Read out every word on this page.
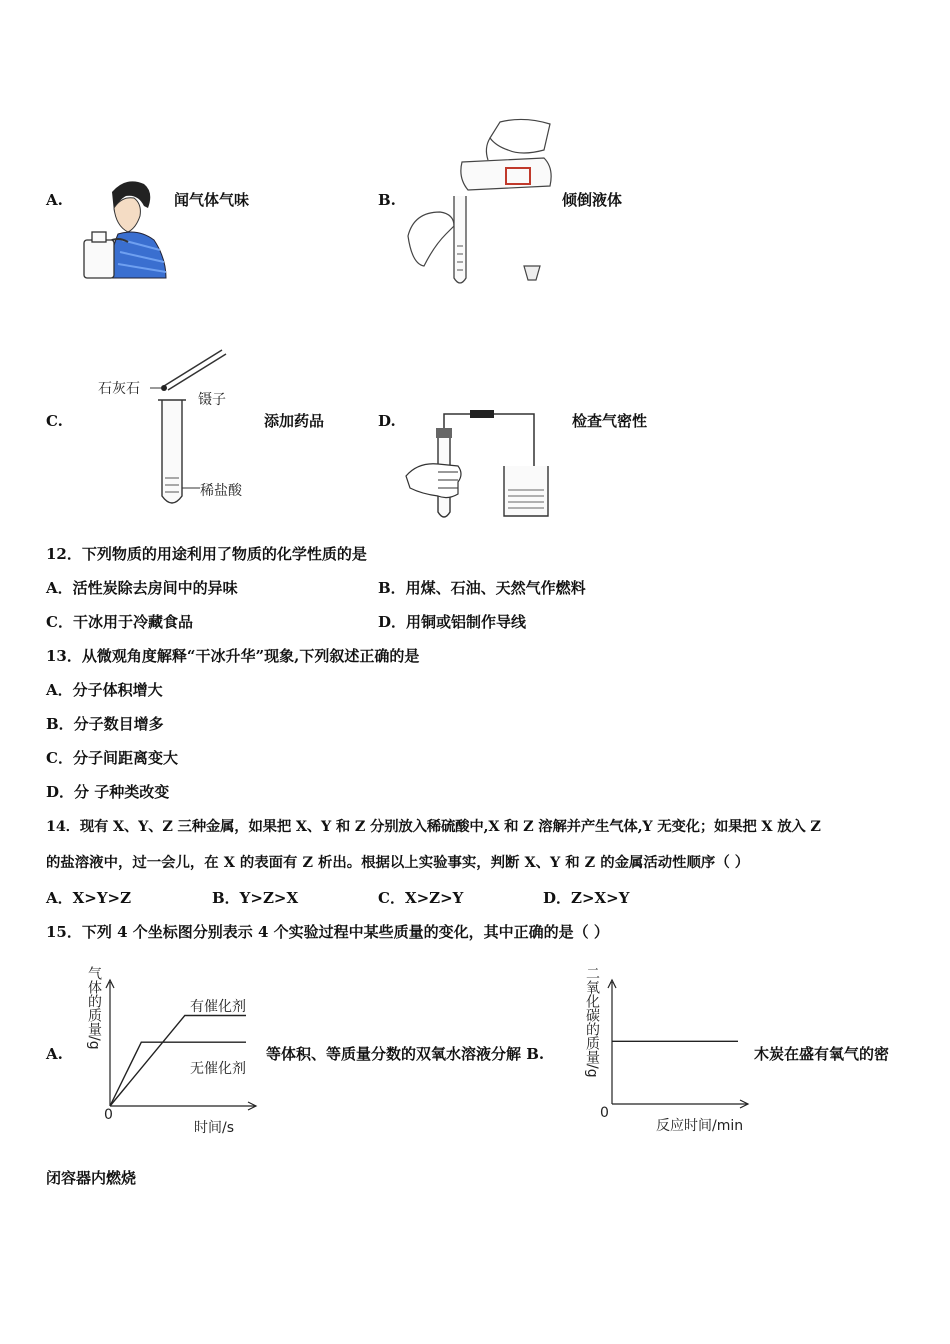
A.	闻气体气味	B.	倾倒液体
C.
石灰石
镊子
稀盐酸
添加药品	D.	检查气密性
12．下列物质的用途利用了物质的化学性质的是
A．活性炭除去房间中的异味	B．用煤、石油、天然气作燃料
C．干冰用于冷藏食品	D．用铜或铝制作导线
13．从微观角度解释“干冰升华”现象,下列叙述正确的是
A．分子体积增大
B．分子数目增多
C．分子间距离变大
D．分 子种类改变
14．现有 X、Y、Z 三种金属，如果把 X、Y 和 Z 分别放入稀硫酸中,X 和 Z 溶解并产生气体,Y 无变化；如果把 X 放入 Z
的盐溶液中，过一会儿，在 X 的表面有 Z 析出。根据以上实验事实，判断 X、Y 和 Z 的金属活动性顺序（ ）
A．X>Y>Z	B．Y>Z>X	C．X>Z>Y	D．Z>X>Y
15．下列 4 个坐标图分别表示 4 个实验过程中某些质量的变化，其中正确的是（ ）
A.
气体的质量/g
0
时间/s
有催化剂
无催化剂
等体积、等质量分数的双氧水溶液分解 B.	二氧化碳的质量/g
0
反应时间/min
木炭在盛有氧气的密
闭容器内燃烧
